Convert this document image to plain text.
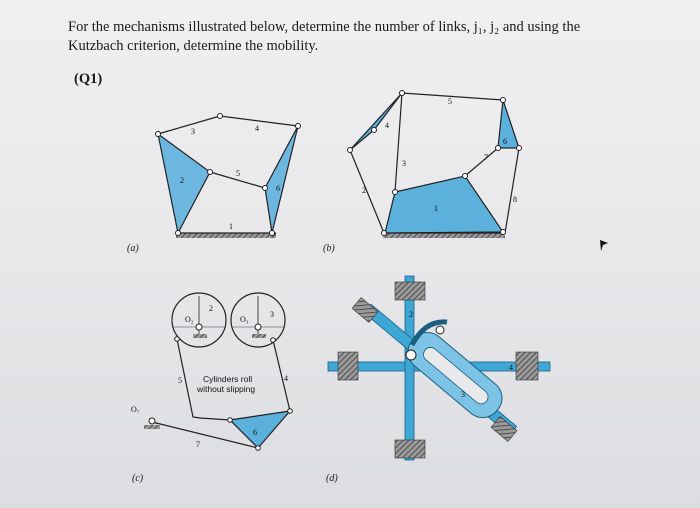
For the mechanisms illustrated below, determine the number of links, j₁, j₂ and using the
Kutzbach criterion, determine the mobility.
(Q1)
(a)	(b)
(c)	(d)
1
2
3	4
5
6
1
2
3
4
5
6
7
8
O₂	O₃
O₇
2
3
5
6
7
4
Cylinders roll
without slipping
2
3
4
